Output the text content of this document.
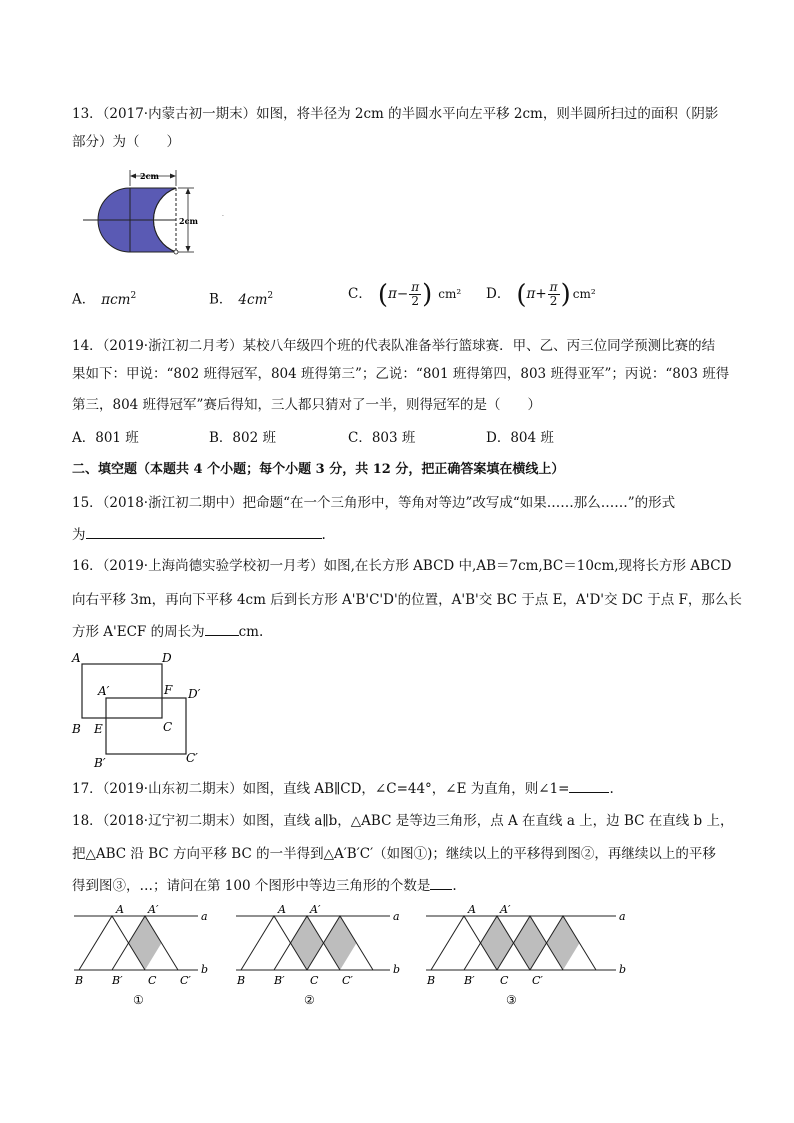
13．（2017·内蒙古初一期末）如图，将半径为 2cm 的半圆水平向左平移 2cm，则半圆所扫过的面积（阴影
部分）为（　　）
2cm
2cm	·
A． πcm$^2$	B． $4cm^2$	C． ($\pi- \frac{\pi}{2}$ ) cm² D． ($\pi+ \frac{\pi}{2}$ ) cm²
14．（2019·浙江初二月考）某校八年级四个班的代表队准备举行篮球赛．甲、乙、丙三位同学预测比赛的结
果如下：甲说：“802 班得冠军，804 班得第三”；乙说：“801 班得第四，803 班得亚军”；丙说：“803 班得
第三，804 班得冠军”赛后得知，三人都只猜对了一半，则得冠军的是（　　）
A．801 班	B．802 班	C．803 班	D．804 班
二、填空题（本题共 4 个小题；每个小题 3 分，共 12 分，把正确答案填在横线上）
15．（2018·浙江初二期中）把命题“在一个三角形中，等角对等边”改写成“如果……那么……”的形式
为	.
16．（2019·上海尚德实验学校初一月考）如图,在长方形 ABCD 中,AB＝7cm,BC＝10cm,现将长方形 ABCD
向右平移 3m，再向下平移 4cm 后到长方形 A'B'C'D'的位置，A'B'交 BC 于点 E，A'D'交 DC 于点 F，那么长
方形 A'ECF 的周长为	cm.
A	D
A′	F D′
B E	C
B′	C′
17．（2019·山东初二期末）如图，直线 AB∥CD，∠C=44°，∠E 为直角，则∠1=	.
18．（2018·辽宁初二期末）如图，直线 a∥b，△ABC 是等边三角形，点 A 在直线 a 上，边 BC 在直线 b 上，
把△ABC 沿 BC 方向平移 BC 的一半得到△A′B′C′（如图①)；继续以上的平移得到图②，再继续以上的平移
得到图③，…；请问在第 100 个图形中等边三角形的个数是 .
A A′
a
b
B	B′ C C′
①
A A′
a
b
B	B′ C C′
②
A A′
a
b
B	B′ C C′
③
